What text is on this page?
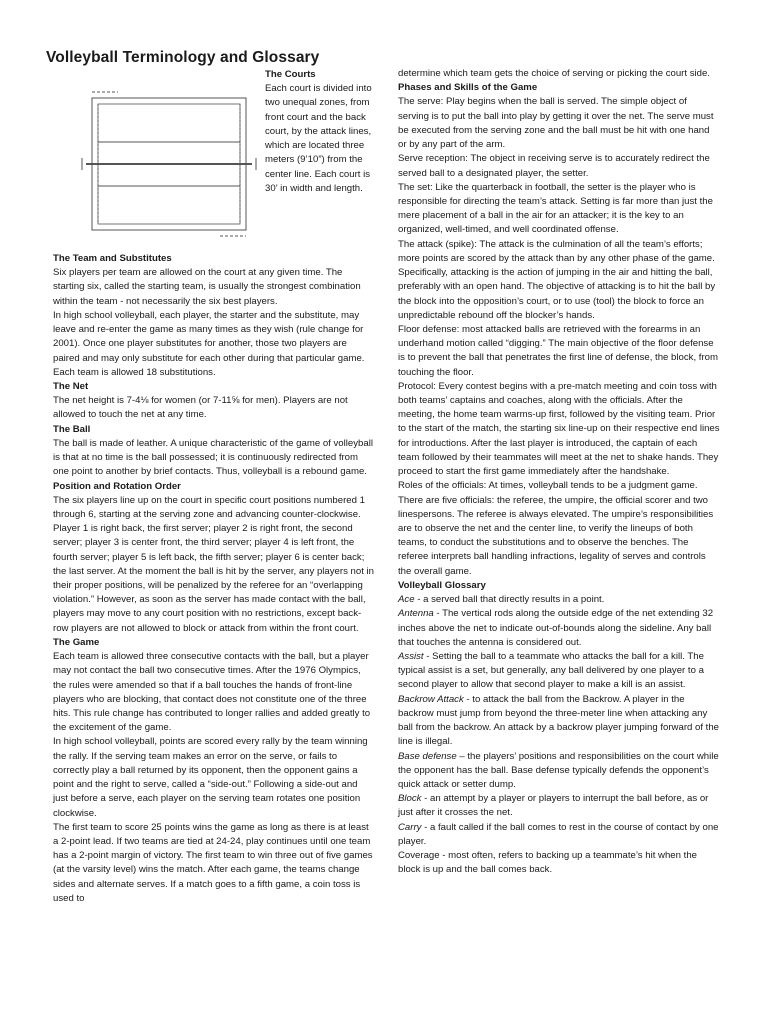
Volleyball Terminology and Glossary
The Courts
Each court is divided into two unequal zones, from front court and the back court, by the attack lines, which are located three meters (9’10”) from the center line. Each court is 30’ in width and length.
The Team and Substitutes
Six players per team are allowed on the court at any given time. The starting six, called the starting team, is usually the strongest combination within the team - not necessarily the six best players.
In high school volleyball, each player, the starter and the substitute, may leave and re-enter the game as many times as they wish (rule change for 2001). Once one player substitutes for another, those two players are paired and may only substitute for each other during that particular game. Each team is allowed 18 substitutions.
The Net
The net height is 7-4⅛ for women (or 7-11⅝ for men). Players are not allowed to touch the net at any time.
The Ball
The ball is made of leather. A unique characteristic of the game of volleyball is that at no time is the ball possessed; it is continuously redirected from one point to another by brief contacts. Thus, volleyball is a rebound game.
Position and Rotation Order
The six players line up on the court in specific court positions numbered 1 through 6, starting at the serving zone and advancing counter-clockwise. Player 1 is right back, the first server; player 2 is right front, the second server; player 3 is center front, the third server; player 4 is left front, the fourth server; player 5 is left back, the fifth server; player 6 is center back; the last server. At the moment the ball is hit by the server, any players not in their proper positions, will be penalized by the referee for an “overlapping violation.” However, as soon as the server has made contact with the ball, players may move to any court position with no restrictions, except back-row players are not allowed to block or attack from within the front court.
The Game
Each team is allowed three consecutive contacts with the ball, but a player may not contact the ball two consecutive times. After the 1976 Olympics, the rules were amended so that if a ball touches the hands of front-line players who are blocking, that contact does not constitute one of the three hits. This rule change has contributed to longer rallies and added greatly to the excitement of the game.
In high school volleyball, points are scored every rally by the team winning the rally. If the serving team makes an error on the serve, or fails to correctly play a ball returned by its opponent, then the opponent gains a point and the right to serve, called a “side-out.” Following a side-out and just before a serve, each player on the serving team rotates one position clockwise.
The first team to score 25 points wins the game as long as there is at least a 2-point lead. If two teams are tied at 24-24, play continues until one team has a 2-point margin of victory. The first team to win three out of five games (at the varsity level) wins the match. After each game, the teams change sides and alternate serves. If a match goes to a fifth game, a coin toss is used to
determine which team gets the choice of serving or picking the court side.
Phases and Skills of the Game
The serve: Play begins when the ball is served. The simple object of serving is to put the ball into play by getting it over the net. The serve must be executed from the serving zone and the ball must be hit with one hand or by any part of the arm.
Serve reception: The object in receiving serve is to accurately redirect the served ball to a designated player, the setter.
The set: Like the quarterback in football, the setter is the player who is responsible for directing the team’s attack. Setting is far more than just the mere placement of a ball in the air for an attacker; it is the key to an organized, well-timed, and well coordinated offense.
The attack (spike): The attack is the culmination of all the team’s efforts; more points are scored by the attack than by any other phase of the game. Specifically, attacking is the action of jumping in the air and hitting the ball, preferably with an open hand. The objective of attacking is to hit the ball by the block into the opposition’s court, or to use (tool) the block to force an unpredictable rebound off the blocker’s hands.
Floor defense: most attacked balls are retrieved with the forearms in an underhand motion called “digging.” The main objective of the floor defense is to prevent the ball that penetrates the first line of defense, the block, from touching the floor.
Protocol: Every contest begins with a pre-match meeting and coin toss with both teams’ captains and coaches, along with the officials. After the meeting, the home team warms-up first, followed by the visiting team. Prior to the start of the match, the starting six line-up on their respective end lines for introductions. After the last player is introduced, the captain of each team followed by their teammates will meet at the net to shake hands. They proceed to start the first game immediately after the handshake.
Roles of the officials: At times, volleyball tends to be a judgment game. There are five officials: the referee, the umpire, the official scorer and two linespersons. The referee is always elevated. The umpire’s responsibilities are to observe the net and the center line, to verify the lineups of both teams, to conduct the substitutions and to observe the benches. The referee interprets ball handling infractions, legality of serves and controls the overall game.
Volleyball Glossary
Ace - a served ball that directly results in a point.
Antenna - The vertical rods along the outside edge of the net extending 32 inches above the net to indicate out-of-bounds along the sideline. Any ball that touches the antenna is considered out.
Assist - Setting the ball to a teammate who attacks the ball for a kill. The typical assist is a set, but generally, any ball delivered by one player to a second player to allow that second player to make a kill is an assist.
Backrow Attack - to attack the ball from the Backrow. A player in the backrow must jump from beyond the three-meter line when attacking any ball from the backrow. An attack by a backrow player jumping forward of the line is illegal.
Base defense – the players’ positions and responsibilities on the court while the opponent has the ball. Base defense typically defends the opponent’s quick attack or setter dump.
Block - an attempt by a player or players to interrupt the ball before, as or just after it crosses the net.
Carry - a fault called if the ball comes to rest in the course of contact by one player.
Coverage - most often, refers to backing up a teammate’s hit when the block is up and the ball comes back.
